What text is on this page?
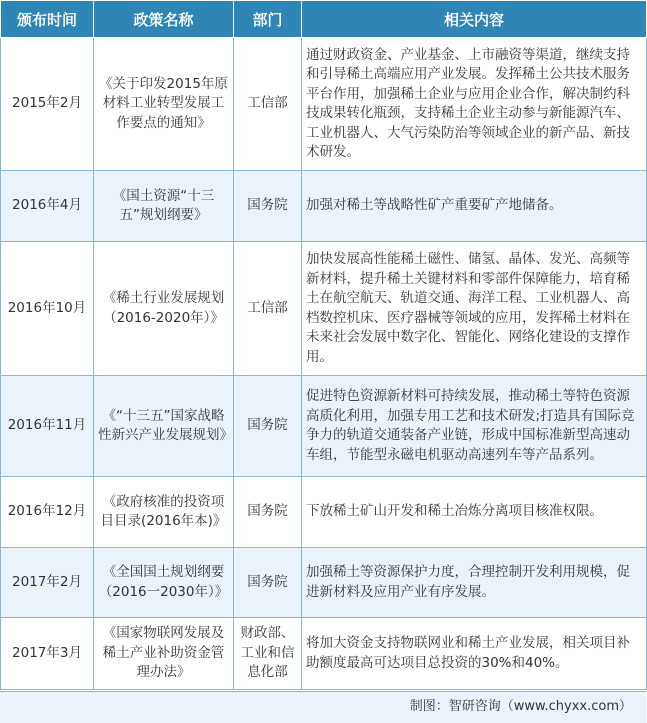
颁布时间	政策名称	部门	相关内容
2015年2月	《关于印发2015年原材料工业转型发展工作要点的通知》	工信部	通过财政资金、产业基金、上市融资等渠道，继续支持和引导稀土高端应用产业发展。发挥稀土公共技术服务平台作用，加强稀土企业与应用企业合作，解决制约科技成果转化瓶颈，支持稀土企业主动参与新能源汽车、工业机器人、大气污染防治等领域企业的新产品、新技术研发。
2016年4月	《国土资源“十三五”规划纲要》	国务院	加强对稀土等战略性矿产重要矿产地储备。
2016年10月	《稀土行业发展规划（2016-2020年）》	工信部	加快发展高性能稀土磁性、储氢、晶体、发光、高频等新材料，提升稀土关键材料和零部件保障能力，培育稀土在航空航天、轨道交通、海洋工程、工业机器人、高档数控机床、医疗器械等领域的应用，发挥稀土材料在未来社会发展中数字化、智能化、网络化建设的支撑作用。
2016年11月	《“十三五”国家战略性新兴产业发展规划》	国务院	促进特色资源新材料可持续发展，推动稀土等特色资源高质化利用，加强专用工艺和技术研发;打造具有国际竞争力的轨道交通装备产业链，形成中国标准新型高速动车组，节能型永磁电机驱动高速列车等产品系列。
2016年12月	《政府核准的投资项目目录(2016年本)》	国务院	下放稀土矿山开发和稀土冶炼分离项目核准权限。
2017年2月	《全国国土规划纲要（2016一2030年）》	国务院	加强稀土等资源保护力度，合理控制开发利用规模，促进新材料及应用产业有序发展。
2017年3月	《国家物联网发展及稀土产业补助资金管理办法》	财政部、工业和信息化部	将加大资金支持物联网业和稀土产业发展，相关项目补助额度最高可达项目总投资的30%和40%。
制图：智研咨询（www.chyxx.com）
